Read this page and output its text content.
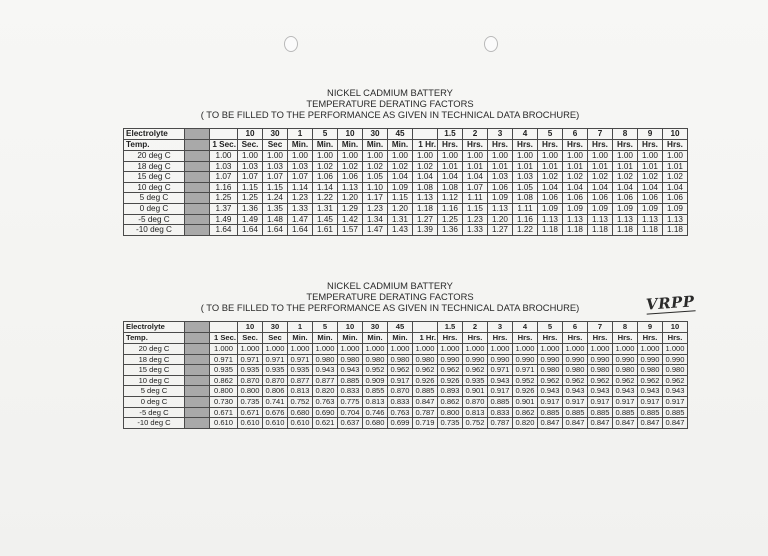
NICKEL CADMIUM BATTERY
TEMPERATURE DERATING FACTORS
( TO BE FILLED TO THE PERFORMANCE AS GIVEN IN TECHNICAL DATA BROCHURE)
Electrolyte			10	30	1	5	10	30	45		1.5	2	3	4	5	6	7	8	9	10
Temp.		1 Sec.	Sec.	Sec	Min.	Min.	Min.	Min.	Min.	1 Hr.	Hrs.	Hrs.	Hrs.	Hrs.	Hrs.	Hrs.	Hrs.	Hrs.	Hrs.	Hrs.
20 deg C		1.00	1.00	1.00	1.00	1.00	1.00	1.00	1.00	1.00	1.00	1.00	1.00	1.00	1.00	1.00	1.00	1.00	1.00	1.00
18 deg C		1.03	1.03	1.03	1.03	1.02	1.02	1.02	1.02	1.02	1.01	1.01	1.01	1.01	1.01	1.01	1.01	1.01	1.01	1.01
15 deg C		1.07	1.07	1.07	1.07	1.06	1.06	1.05	1.04	1.04	1.04	1.04	1.03	1.03	1.02	1.02	1.02	1.02	1.02	1.02
10 deg C		1.16	1.15	1.15	1.14	1.14	1.13	1.10	1.09	1.08	1.08	1.07	1.06	1.05	1.04	1.04	1.04	1.04	1.04	1.04
5 deg C		1.25	1.25	1.24	1.23	1.22	1.20	1.17	1.15	1.13	1.12	1.11	1.09	1.08	1.06	1.06	1.06	1.06	1.06	1.06
0 deg C		1.37	1.36	1.35	1.33	1.31	1.29	1.23	1.20	1.18	1.16	1.15	1.13	1.11	1.09	1.09	1.09	1.09	1.09	1.09
-5 deg C		1.49	1.49	1.48	1.47	1.45	1.42	1.34	1.31	1.27	1.25	1.23	1.20	1.16	1.13	1.13	1.13	1.13	1.13	1.13
-10 deg C		1.64	1.64	1.64	1.64	1.61	1.57	1.47	1.43	1.39	1.36	1.33	1.27	1.22	1.18	1.18	1.18	1.18	1.18	1.18
NICKEL CADMIUM BATTERY
TEMPERATURE DERATING FACTORS
( TO BE FILLED TO THE PERFORMANCE AS GIVEN IN TECHNICAL DATA BROCHURE)	VRPP
Electrolyte			10	30	1	5	10	30	45		1.5	2	3	4	5	6	7	8	9	10
Temp.		1 Sec.	Sec.	Sec	Min.	Min.	Min.	Min.	Min.	1 Hr.	Hrs.	Hrs.	Hrs.	Hrs.	Hrs.	Hrs.	Hrs.	Hrs.	Hrs.	Hrs.
20 deg C		1.000	1.000	1.000	1.000	1.000	1.000	1.000	1.000	1.000	1.000	1.000	1.000	1.000	1.000	1.000	1.000	1.000	1.000	1.000
18 deg C		0.971	0.971	0.971	0.971	0.980	0.980	0.980	0.980	0.980	0.990	0.990	0.990	0.990	0.990	0.990	0.990	0.990	0.990	0.990
15 deg C		0.935	0.935	0.935	0.935	0.943	0.943	0.952	0.962	0.962	0.962	0.962	0.971	0.971	0.980	0.980	0.980	0.980	0.980	0.980
10 deg C		0.862	0.870	0.870	0.877	0.877	0.885	0.909	0.917	0.926	0.926	0.935	0.943	0.952	0.962	0.962	0.962	0.962	0.962	0.962
5 deg C		0.800	0.800	0.806	0.813	0.820	0.833	0.855	0.870	0.885	0.893	0.901	0.917	0.926	0.943	0.943	0.943	0.943	0.943	0.943
0 deg C		0.730	0.735	0.741	0.752	0.763	0.775	0.813	0.833	0.847	0.862	0.870	0.885	0.901	0.917	0.917	0.917	0.917	0.917	0.917
-5 deg C		0.671	0.671	0.676	0.680	0.690	0.704	0.746	0.763	0.787	0.800	0.813	0.833	0.862	0.885	0.885	0.885	0.885	0.885	0.885
-10 deg C		0.610	0.610	0.610	0.610	0.621	0.637	0.680	0.699	0.719	0.735	0.752	0.787	0.820	0.847	0.847	0.847	0.847	0.847	0.847
